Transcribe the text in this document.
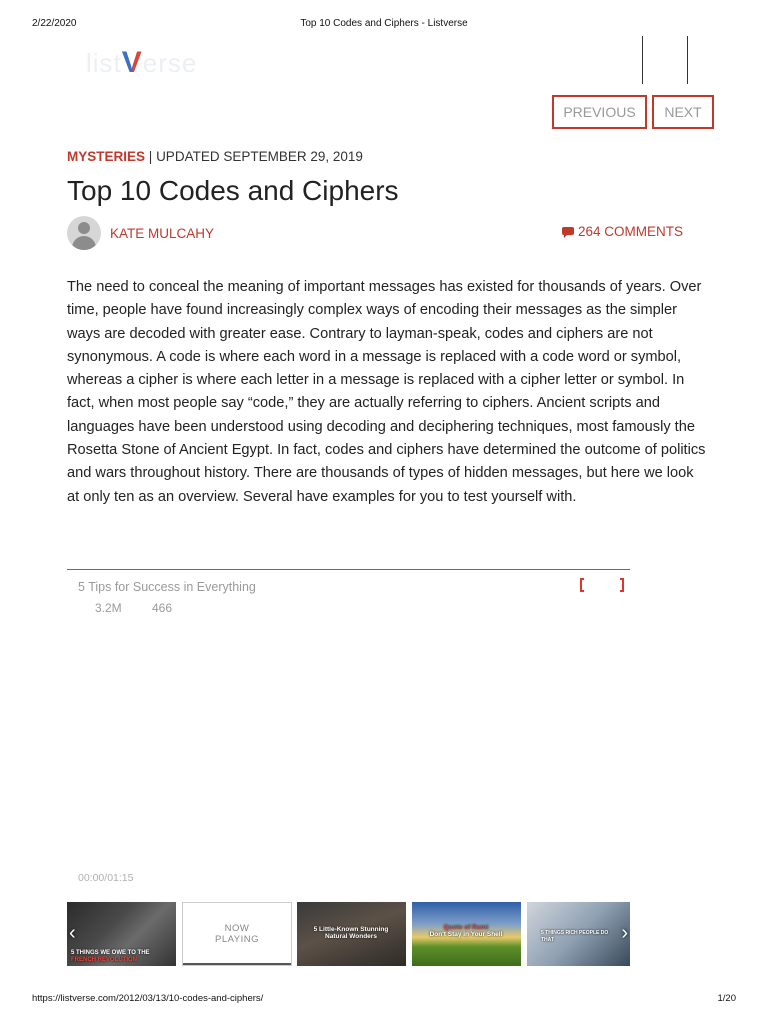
2/22/2020	Top 10 Codes and Ciphers - Listverse
list V erse
PREVIOUS	NEXT
MYSTERIES | UPDATED SEPTEMBER 29, 2019
Top 10 Codes and Ciphers
KATE MULCAHY	264 COMMENTS

The need to conceal the meaning of important messages has existed for thousands of years. Over time, people have found increasingly complex ways of encoding their messages as the simpler ways are decoded with greater ease. Contrary to layman-speak, codes and ciphers are not synonymous. A code is where each word in a message is replaced with a code word or symbol, whereas a cipher is where each letter in a message is replaced with a cipher letter or symbol. In fact, when most people say “code,” they are actually referring to ciphers. Ancient scripts and languages have been understood using decoding and deciphering techniques, most famously the Rosetta Stone of Ancient Egypt. In fact, codes and ciphers have determined the outcome of politics and wars throughout history. There are thousands of types of hidden messages, but here we look at only ten as an overview. Several have examples for you to test yourself with.

5 Tips for Success in Everything
3.2M	466
00:00/01:15
5 THINGS WE OWE TO THE FRENCH REVOLUTION
‹	NOW
PLAYING
5 Little-Known Stunning
Natural Wonders
Quote of Rumi
Don't Stay in Your Shell	5 THINGS RICH PEOPLE DO THAT	›
https://listverse.com/2012/03/13/10-codes-and-ciphers/	1/20
